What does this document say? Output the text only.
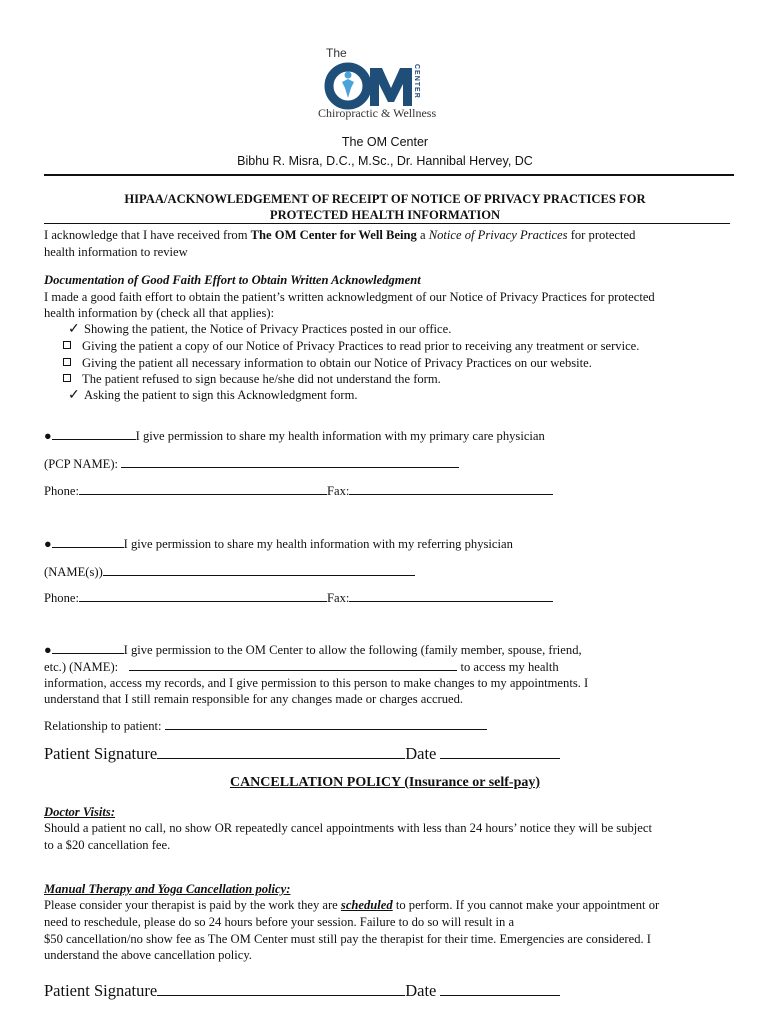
The
CENTER
Chiropractic & Wellness
The OM Center
Bibhu R. Misra, D.C., M.Sc., Dr. Hannibal Hervey, DC
HIPAA/ACKNOWLEDGEMENT OF RECEIPT OF NOTICE OF PRIVACY PRACTICES FOR
PROTECTED HEALTH INFORMATION
I acknowledge that I have received from The OM Center for Well Being a Notice of Privacy Practices for protected
health information to review
Documentation of Good Faith Effort to Obtain Written Acknowledgment
I made a good faith effort to obtain the patient’s written acknowledgment of our Notice of Privacy Practices for protected
health information by (check all that applies):
✓ Showing the patient, the Notice of Privacy Practices posted in our office.
Giving the patient a copy of our Notice of Privacy Practices to read prior to receiving any treatment or service.
Giving the patient all necessary information to obtain our Notice of Privacy Practices on our website.
The patient refused to sign because he/she did not understand the form.
✓ Asking the patient to sign this Acknowledgment form.
●	I give permission to share my health information with my primary care physician
(PCP NAME):
Phone:	Fax:
●	I give permission to share my health information with my referring physician
(NAME(s))
Phone:	Fax:
●	I give permission to the OM Center to allow the following (family member, spouse, friend,
etc.) (NAME):	to access my health
information, access my records, and I give permission to this person to make changes to my appointments. I
understand that I still remain responsible for any changes made or charges accrued.
Relationship to patient:
Patient Signature	Date
CANCELLATION POLICY (Insurance or self-pay)
Doctor Visits:
Should a patient no call, no show OR repeatedly cancel appointments with less than 24 hours’ notice they will be subject
to a $20 cancellation fee.
Manual Therapy and Yoga Cancellation policy:
Please consider your therapist is paid by the work they are scheduled to perform. If you cannot make your appointment or
need to reschedule, please do so 24 hours before your session. Failure to do so will result in a
$50 cancellation/no show fee as The OM Center must still pay the therapist for their time. Emergencies are considered. I
understand the above cancellation policy.
Patient Signature	Date
